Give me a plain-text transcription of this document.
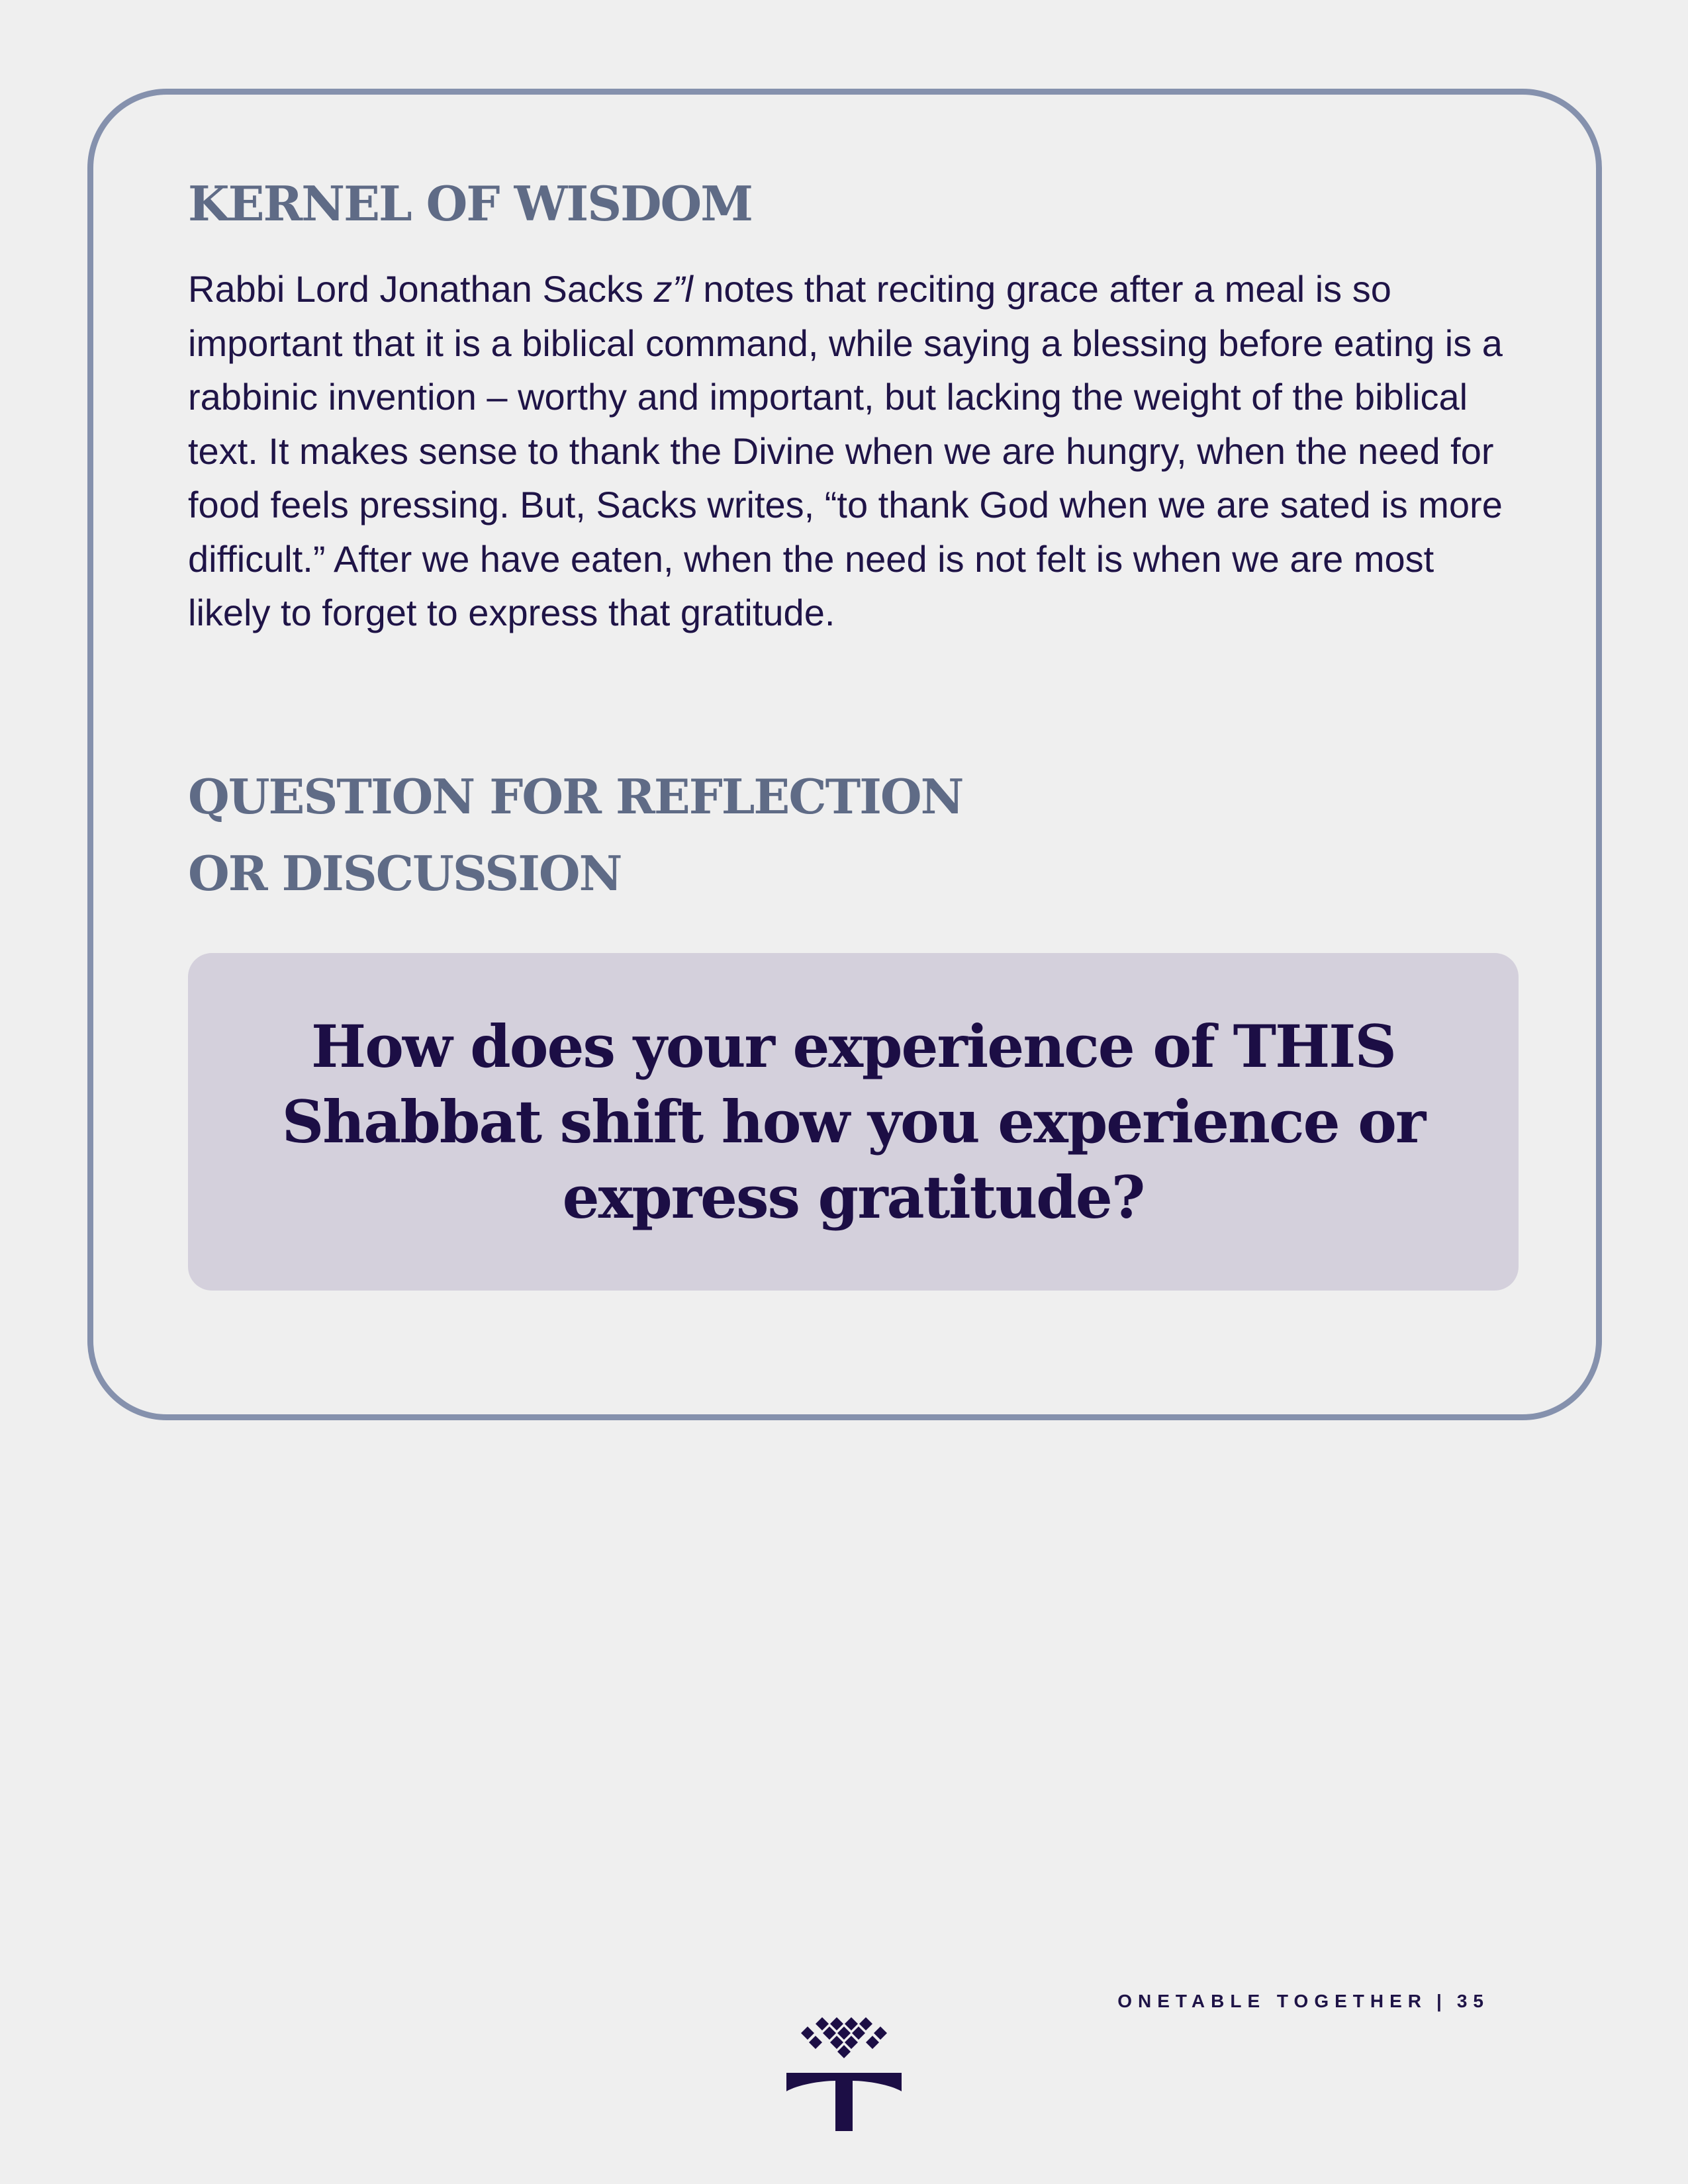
KERNEL OF WISDOM

Rabbi Lord Jonathan Sacks z”l notes that reciting grace after a meal is so important that it is a biblical command, while saying a blessing before eating is a rabbinic invention – worthy and important, but lacking the weight of the biblical text. It makes sense to thank the Divine when we are hungry, when the need for food feels pressing. But, Sacks writes, “to thank God when we are sated is more difficult.” After we have eaten, when the need is not felt is when we are most likely to forget to express that gratitude.

QUESTION FOR REFLECTION
OR DISCUSSION

How does your experience of THIS Shabbat shift how you experience or express gratitude?

ONETABLE TOGETHER | 35
